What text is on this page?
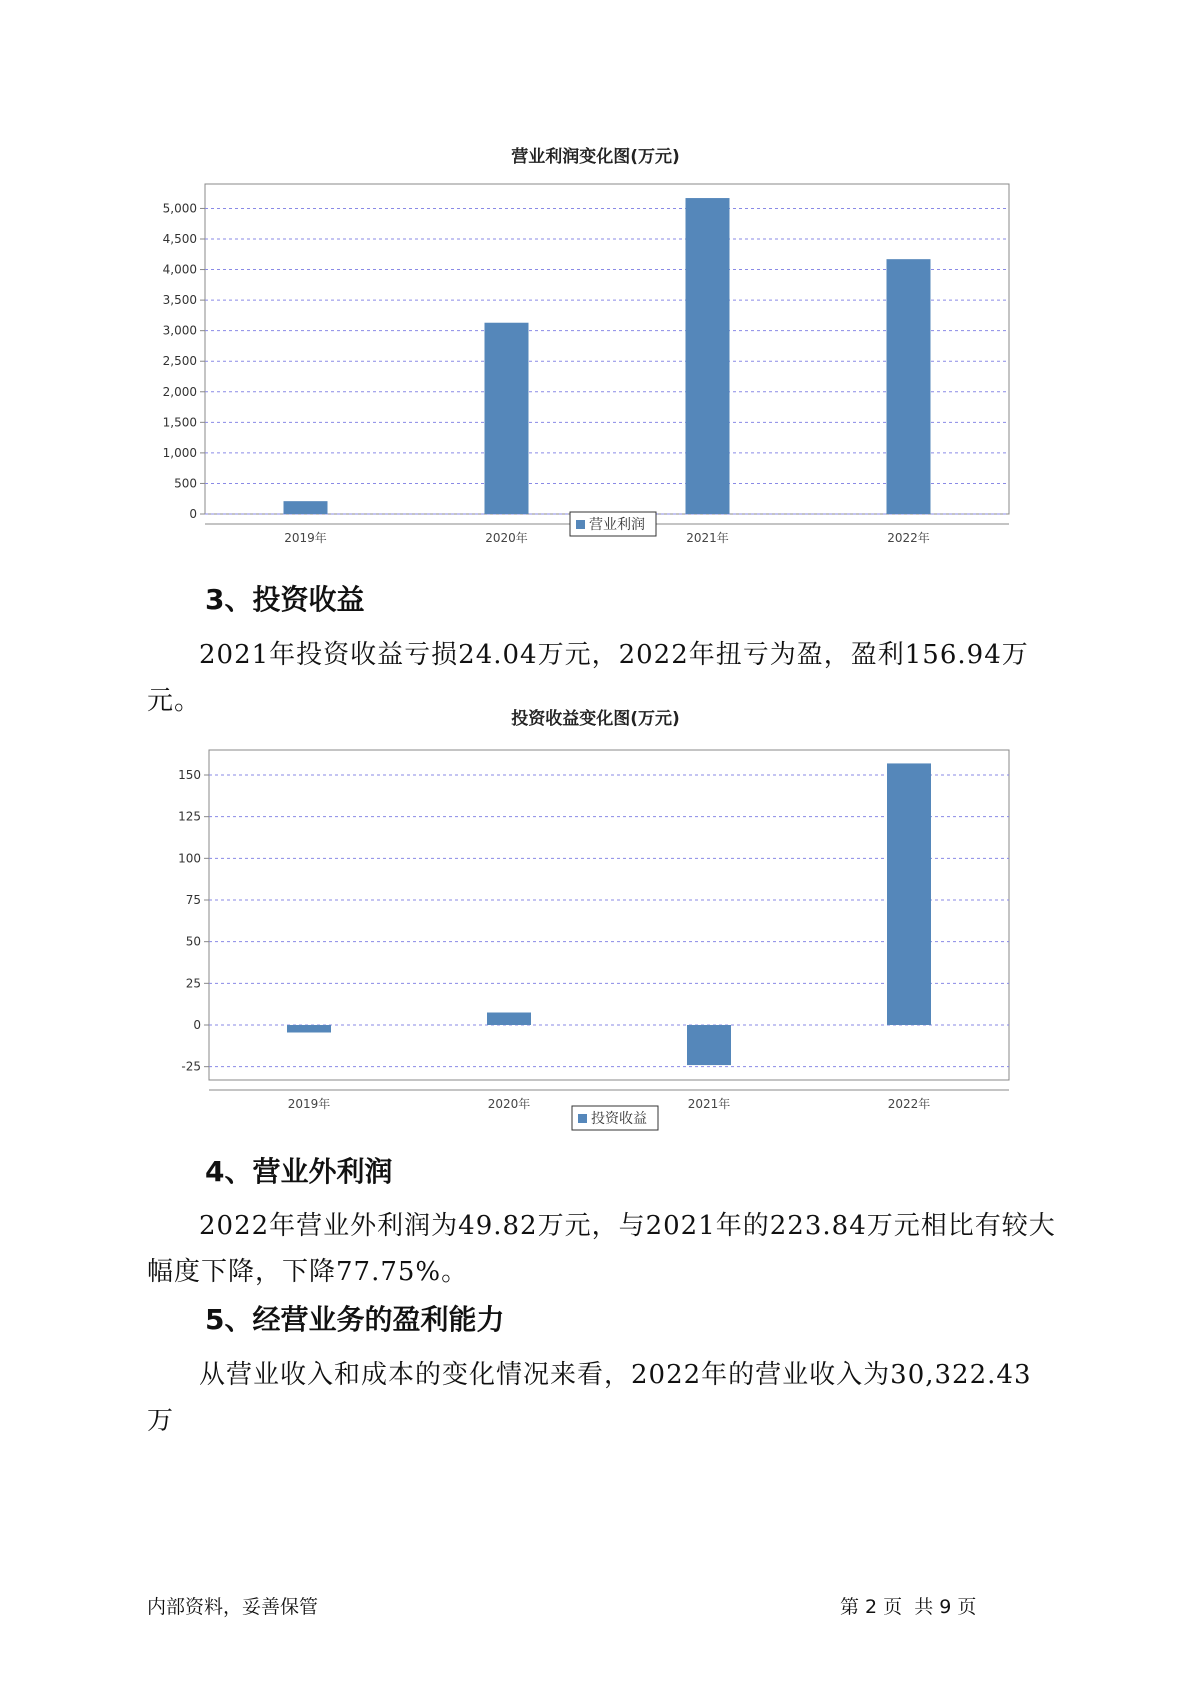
营业利润变化图(万元)
0
500
1,000
1,500
2,000
2,500
3,000
3,500
4,000
4,500
5,000
2019年	2020年	2021年	2022年
营业利润
3、投资收益
2021年投资收益亏损24.04万元，2022年扭亏为盈，盈利156.94万元。
投资收益变化图(万元)
-25
0
25
50
75
100
125
150
2019年	2020年	2021年	2022年
投资收益
4、营业外利润
2022年营业外利润为49.82万元，与2021年的223.84万元相比有较大幅度下降，下降77.75%。
5、经营业务的盈利能力
从营业收入和成本的变化情况来看，2022年的营业收入为30,322.43万
内部资料，妥善保管	第 2 页  共 9 页
